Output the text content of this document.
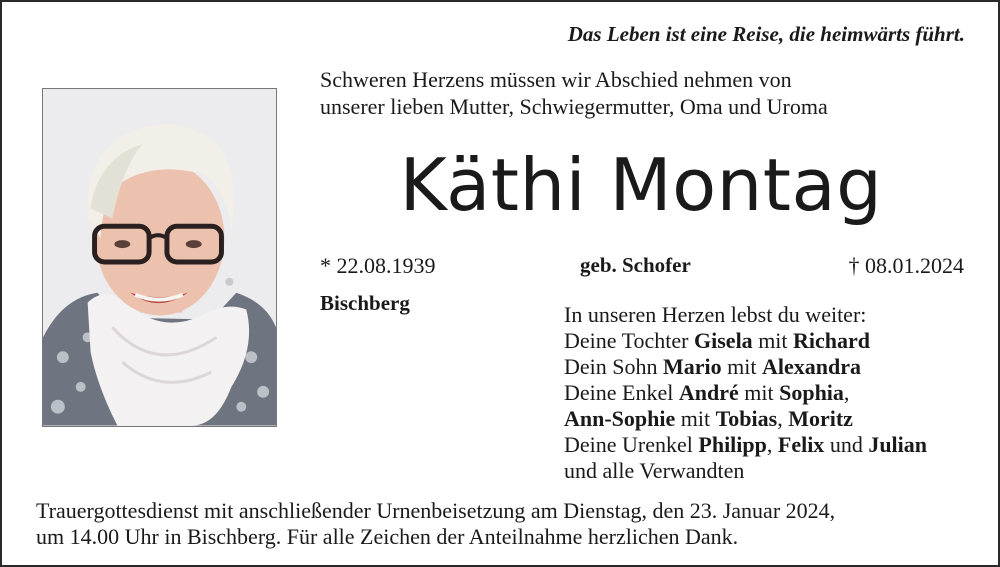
Das Leben ist eine Reise, die heimwärts führt.
Schweren Herzens müssen wir Abschied nehmen von
unserer lieben Mutter, Schwiegermutter, Oma und Uroma
Käthi Montag
* 22.08.1939	geb. Schofer	† 08.01.2024
Bischberg	In unseren Herzen lebst du weiter:
Deine Tochter Gisela mit Richard
Dein Sohn Mario mit Alexandra
Deine Enkel André mit Sophia,
Ann-Sophie mit Tobias, Moritz
Deine Urenkel Philipp, Felix und Julian
und alle Verwandten
Trauergottesdienst mit anschließender Urnenbeisetzung am Dienstag, den 23. Januar 2024,
um 14.00 Uhr in Bischberg. Für alle Zeichen der Anteilnahme herzlichen Dank.
